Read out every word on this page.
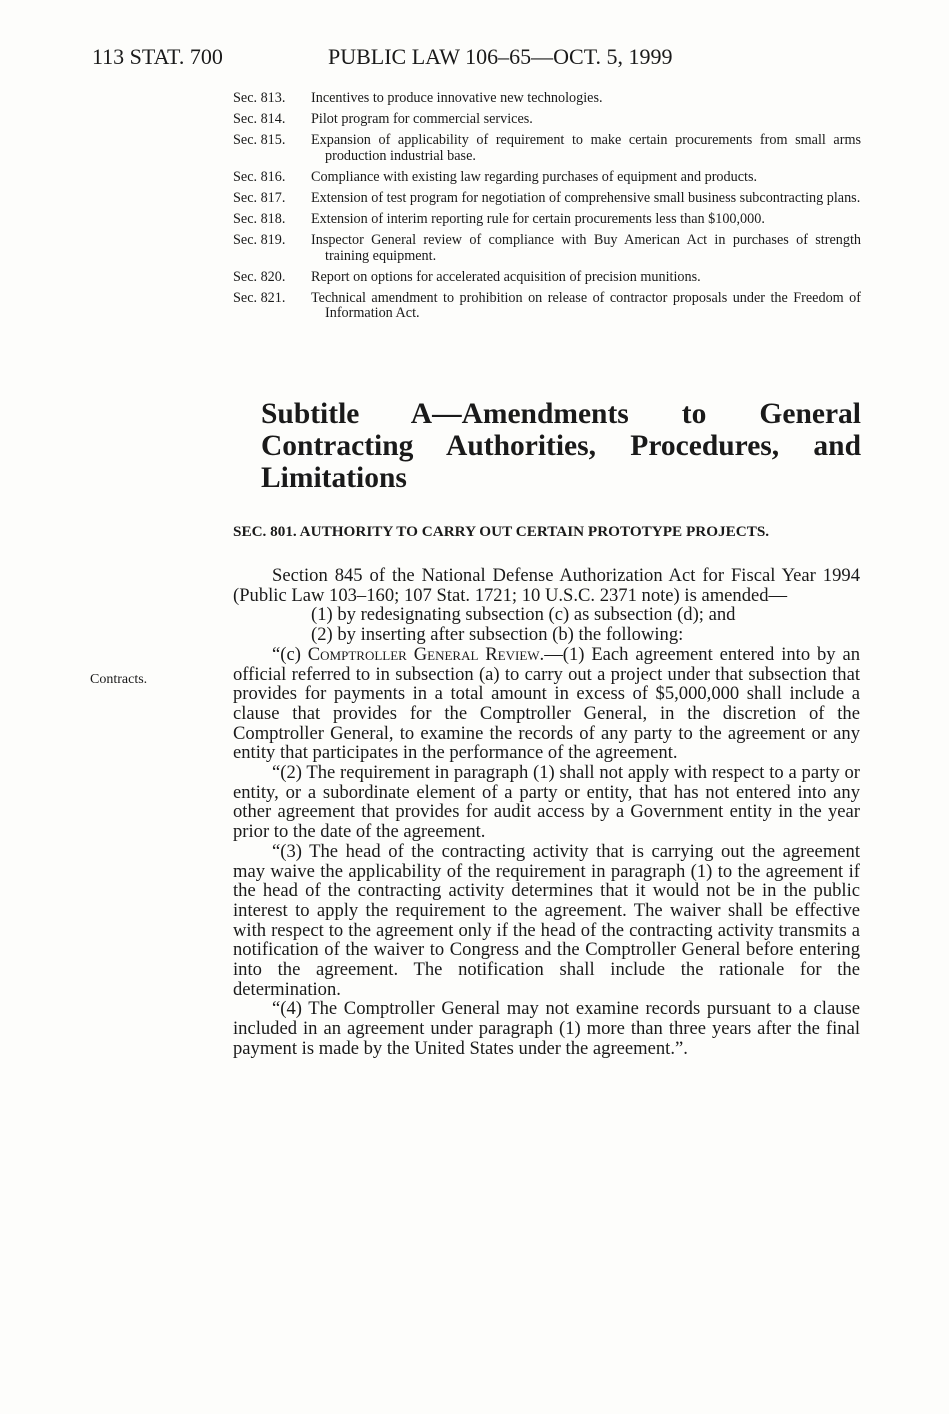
113 STAT. 700	PUBLIC LAW 106–65—OCT. 5, 1999
Sec. 813.	Incentives to produce innovative new technologies.
Sec. 814.	Pilot program for commercial services.
Sec. 815.	Expansion of applicability of requirement to make certain procurements from small arms production industrial base.
Sec. 816.	Compliance with existing law regarding purchases of equipment and products.
Sec. 817.	Extension of test program for negotiation of comprehensive small business subcontracting plans.
Sec. 818.	Extension of interim reporting rule for certain procurements less than $100,000.
Sec. 819.	Inspector General review of compliance with Buy American Act in purchases of strength training equipment.
Sec. 820.	Report on options for accelerated acquisition of precision munitions.
Sec. 821.	Technical amendment to prohibition on release of contractor proposals under the Freedom of Information Act.
Subtitle A—Amendments to General Contracting Authorities, Procedures, and Limitations
SEC. 801. AUTHORITY TO CARRY OUT CERTAIN PROTOTYPE PROJECTS.
Contracts.

Section 845 of the National Defense Authorization Act for Fiscal Year 1994 (Public Law 103–160; 107 Stat. 1721; 10 U.S.C. 2371 note) is amended—

(1) by redesignating subsection (c) as subsection (d); and

(2) by inserting after subsection (b) the following:

“(c) Comptroller General Review.—(1) Each agreement entered into by an official referred to in subsection (a) to carry out a project under that subsection that provides for payments in a total amount in excess of $5,000,000 shall include a clause that provides for the Comptroller General, in the discretion of the Comptroller General, to examine the records of any party to the agreement or any entity that participates in the performance of the agreement.

“(2) The requirement in paragraph (1) shall not apply with respect to a party or entity, or a subordinate element of a party or entity, that has not entered into any other agreement that provides for audit access by a Government entity in the year prior to the date of the agreement.

“(3) The head of the contracting activity that is carrying out the agreement may waive the applicability of the requirement in paragraph (1) to the agreement if the head of the contracting activity determines that it would not be in the public interest to apply the requirement to the agreement. The waiver shall be effective with respect to the agreement only if the head of the contracting activity transmits a notification of the waiver to Congress and the Comptroller General before entering into the agreement. The notification shall include the rationale for the determination.

“(4) The Comptroller General may not examine records pursuant to a clause included in an agreement under paragraph (1) more than three years after the final payment is made by the United States under the agreement.”.
